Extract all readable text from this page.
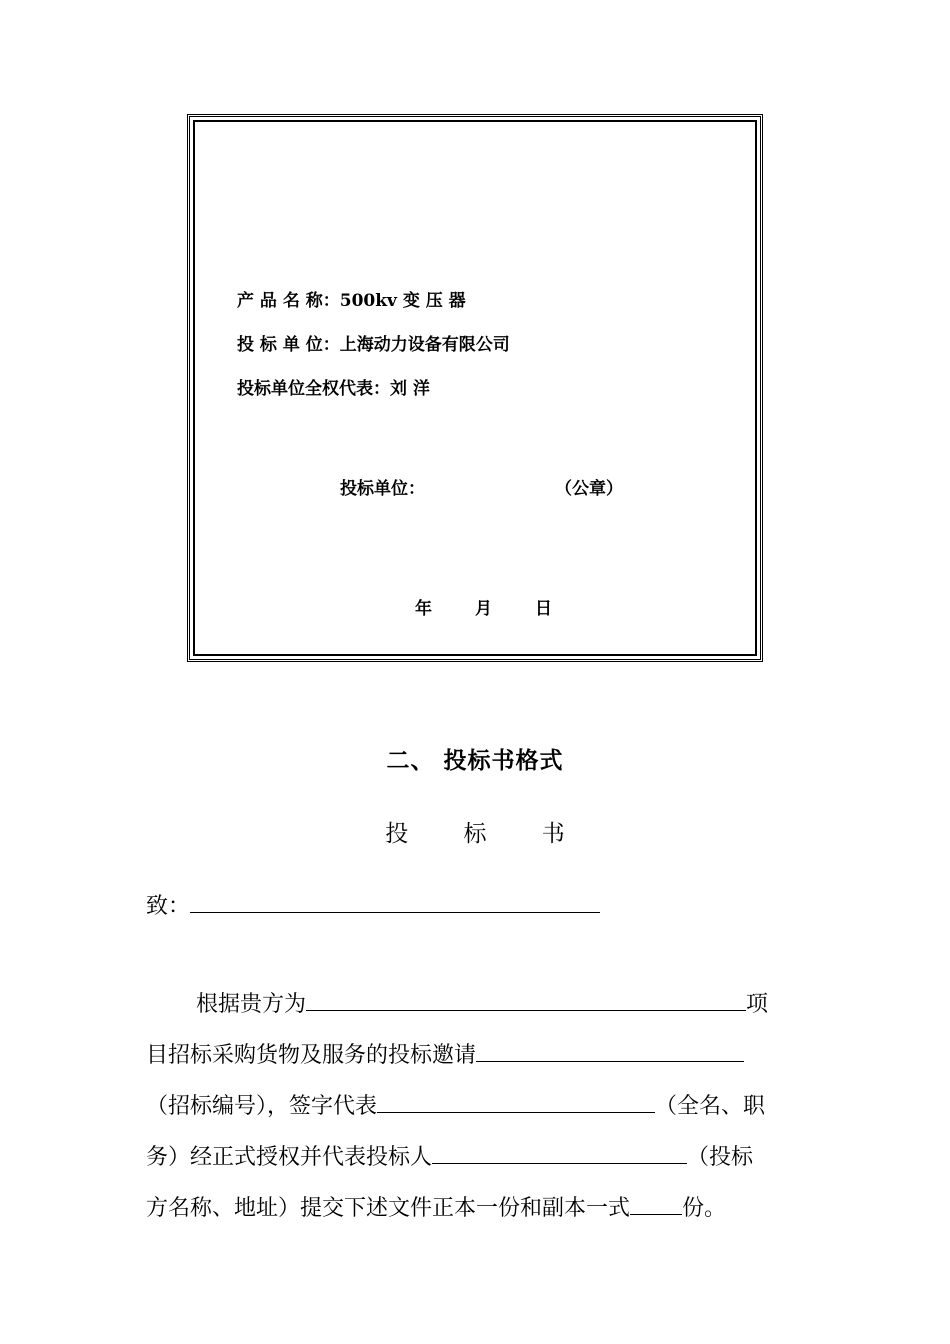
产 品 名 称：500kv 变 压 器
投 标 单 位：上海动力设备有限公司
投标单位全权代表：刘 洋
投标单位：	（公章）
年	月	日
二、 投标书格式
投 标 书
致：
根据贵方为	项
目招标采购货物及服务的投标邀请
（招标编号），签字代表	（全名、职
务）经正式授权并代表投标人	（投标
方名称、地址）提交下述文件正本一份和副本一式 份。
